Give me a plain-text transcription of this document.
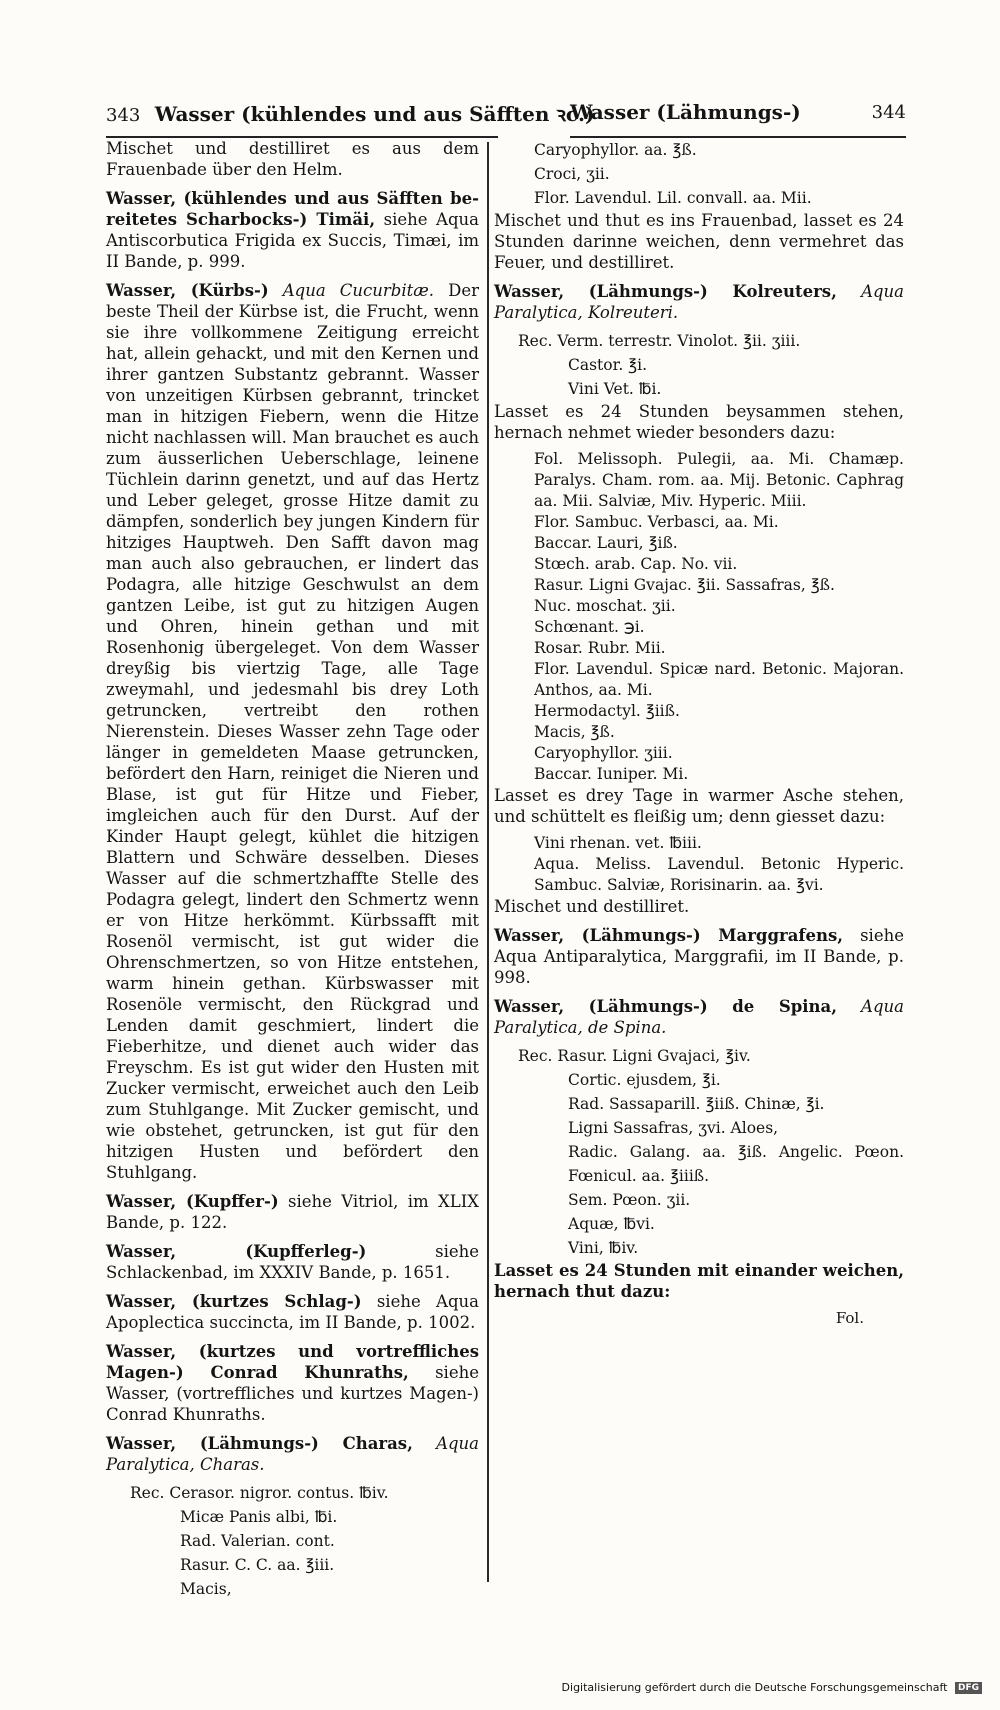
343 Wasser (kühlendes und aus Säfften ꝛc.)
Wasser (Lähmungs-)	344

Mischet und destilliret es aus dem Frauenbade über den Helm.

Wasser, (kühlendes und aus Säfften be- reitetes Scharbocks-) Timäi, siehe Aqua Antiscorbutica Frigida ex Succis, Timæi, im II Bande, p. 999.

Wasser, (Kürbs-) Aqua Cucurbitæ. Der beste Theil der Kürbse ist, die Frucht, wenn sie ihre vollkommene Zeitigung erreicht hat, allein gehackt, und mit den Kernen und ihrer gantzen Substantz gebrannt. Wasser von unzeitigen Kürbsen gebrannt, trincket man in hitzigen Fiebern, wenn die Hitze nicht nachlassen will. Man brauchet es auch zum äusserlichen Ueberschlage, leinene Tüchlein darinn genetzt, und auf das Hertz und Leber geleget, grosse Hitze damit zu dämpfen, sonderlich bey jungen Kindern für hitziges Hauptweh. Den Safft davon mag man auch also gebrauchen, er lindert das Podagra, alle hitzige Geschwulst an dem gantzen Leibe, ist gut zu hitzigen Augen und Ohren, hinein gethan und mit Rosenhonig übergeleget. Von dem Wasser dreyßig bis viertzig Tage, alle Tage zweymahl, und jedesmahl bis drey Loth getruncken, vertreibt den rothen Nierenstein. Dieses Wasser zehn Tage oder länger in gemeldeten Maase getruncken, befördert den Harn, reiniget die Nieren und Blase, ist gut für Hitze und Fieber, imgleichen auch für den Durst. Auf der Kinder Haupt gelegt, kühlet die hitzigen Blattern und Schwäre desselben. Dieses Wasser auf die schmertzhaffte Stelle des Podagra gelegt, lindert den Schmertz wenn er von Hitze herkömmt. Kürbssafft mit Rosenöl vermischt, ist gut wider die Ohrenschmertzen, so von Hitze entstehen, warm hinein gethan. Kürbswasser mit Rosenöle vermischt, den Rückgrad und Lenden damit geschmiert, lindert die Fieberhitze, und dienet auch wider das Freyschm. Es ist gut wider den Husten mit Zucker vermischt, erweichet auch den Leib zum Stuhlgange. Mit Zucker gemischt, und wie obstehet, getruncken, ist gut für den hitzigen Husten und befördert den Stuhlgang.

Wasser, (Kupffer-) siehe Vitriol, im XLIX Bande, p. 122.

Wasser, (Kupfferleg-)	siehe Schlackenbad, im XXXIV Bande, p. 1651.

Wasser, (kurtzes Schlag-) siehe Aqua Apoplectica succincta, im II Bande, p. 1002.

Wasser, (kurtzes und vortreffliches Magen-) Conrad Khunraths, siehe Wasser, (vortreffliches und kurtzes Magen-) Conrad Khunraths.

Wasser, (Lähmungs-) Charas, Aqua Paralytica, Charas.

Rec. Cerasor. nigror. contus. ℔iv.
Micæ Panis albi, ℔i.
Rad. Valerian. cont.
Rasur. C. C. aa. ℥iii.
Macis,
Caryophyllor. aa. ℥ß.
Croci, ʒii.
Flor. Lavendul. Lil. convall. aa. Mii.

Mischet und thut es ins Frauenbad, lasset es 24 Stunden darinne weichen, denn vermehret das Feuer, und destilliret.

Wasser, (Lähmungs-) Kolreuters, Aqua Paralytica, Kolreuteri.

Rec. Verm. terrestr. Vinolot. ℥ii. ʒiii.
Castor. ℥i.
Vini Vet. ℔i.

Lasset es 24 Stunden beysammen stehen, hernach nehmet wieder besonders dazu:

Fol. Melissoph. Pulegii, aa. Mi. Chamæp. Paralys. Cham. rom. aa. Mij. Betonic. Caphrag aa. Mii. Salviæ, Miv. Hyperic. Miii.
Flor. Sambuc. Verbasci, aa. Mi.
Baccar. Lauri, ℥iß.
Stœch. arab. Cap. No. vii.
Rasur. Ligni Gvajac. ℥ii. Sassafras, ℥ß.
Nuc. moschat. ʒii.
Schœnant. ℈i.
Rosar. Rubr. Mii.
Flor. Lavendul. Spicæ nard. Betonic. Majoran. Anthos, aa. Mi.
Hermodactyl. ℥iiß.
Macis, ℥ß.
Caryophyllor. ʒiii.
Baccar. Iuniper. Mi.

Lasset es drey Tage in warmer Asche stehen, und schüttelt es fleißig um; denn giesset dazu:

Vini rhenan. vet. ℔iii.
Aqua. Meliss. Lavendul. Betonic Hyperic. Sambuc. Salviæ, Rorisinarin. aa. ℥vi.

Mischet und destilliret.

Wasser, (Lähmungs-) Marggrafens, siehe Aqua Antiparalytica, Marggrafii, im II Bande, p. 998.

Wasser, (Lähmungs-) de Spina, Aqua Paralytica, de Spina.

Rec. Rasur. Ligni Gvajaci, ℥iv.
Cortic. ejusdem, ℥i.
Rad. Sassaparill. ℥iiß. Chinæ, ℥i.
Ligni Sassafras, ʒvi. Aloes,
Radic. Galang. aa. ℥iß. Angelic. Pœon. Fœnicul. aa. ℥iiiß.
Sem. Pœon. ʒii.
Aquæ, ℔vi.
Vini, ℔iv.

Lasset es 24 Stunden mit einander weichen, hernach thut dazu:

Fol.
Digitalisierung gefördert durch die Deutsche Forschungsgemeinschaft DFG
